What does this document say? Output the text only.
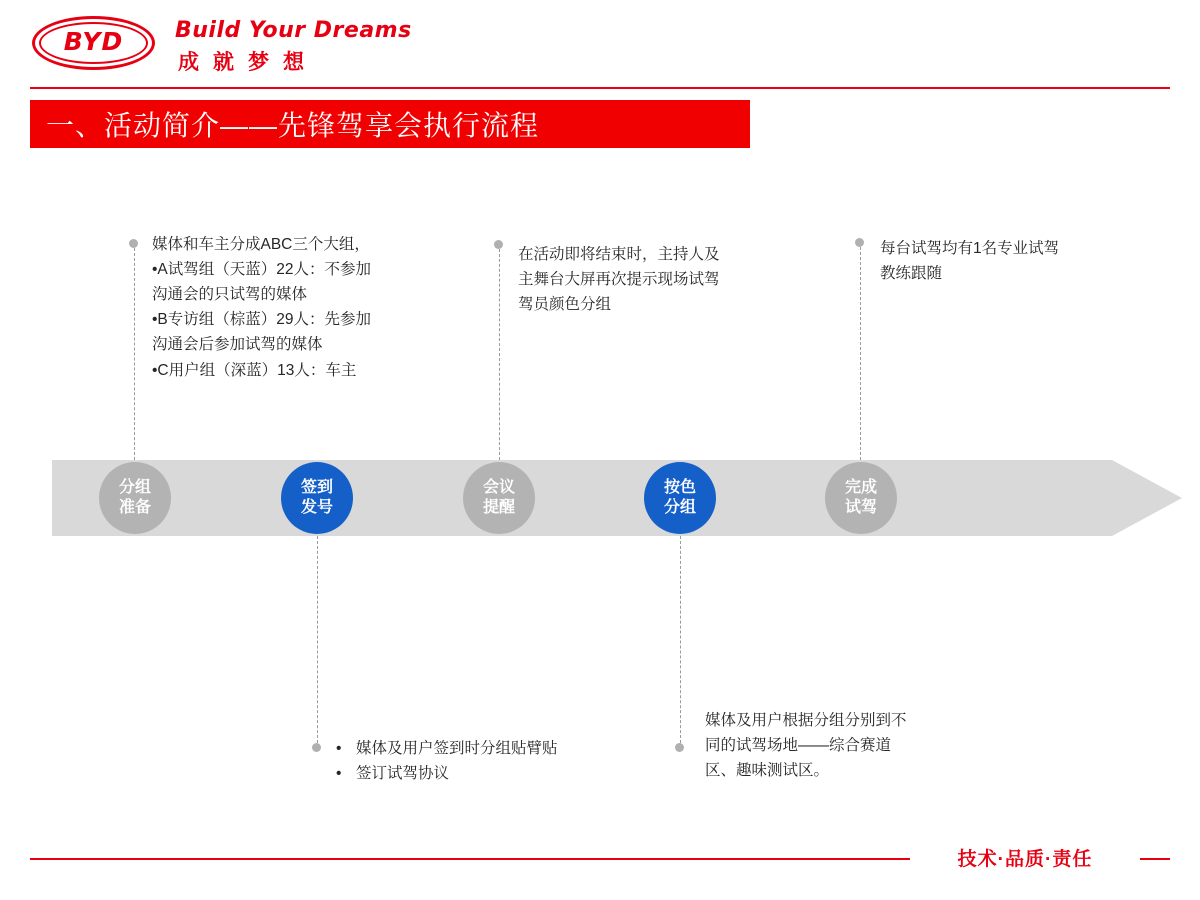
BYD	Build Your Dreams
成就梦想
一、活动简介——先锋驾享会执行流程

媒体和车主分成ABC三个大组，

•A试驾组（天蓝）22人：不参加

沟通会的只试驾的媒体

•B专访组（棕蓝）29人：先参加

沟通会后参加试驾的媒体

•C用户组（深蓝）13人：车主

在活动即将结束时，主持人及

主舞台大屏再次提示现场试驾

驾员颜色分组

每台试驾均有1名专业试驾

教练跟随

分组
准备
签到
发号
会议
提醒
按色
分组
完成
试驾
• 媒体及用户签到时分组贴臂贴
• 签订试驾协议

媒体及用户根据分组分别到不

同的试驾场地——综合赛道

区、趣味测试区。

技术·品质·责任
